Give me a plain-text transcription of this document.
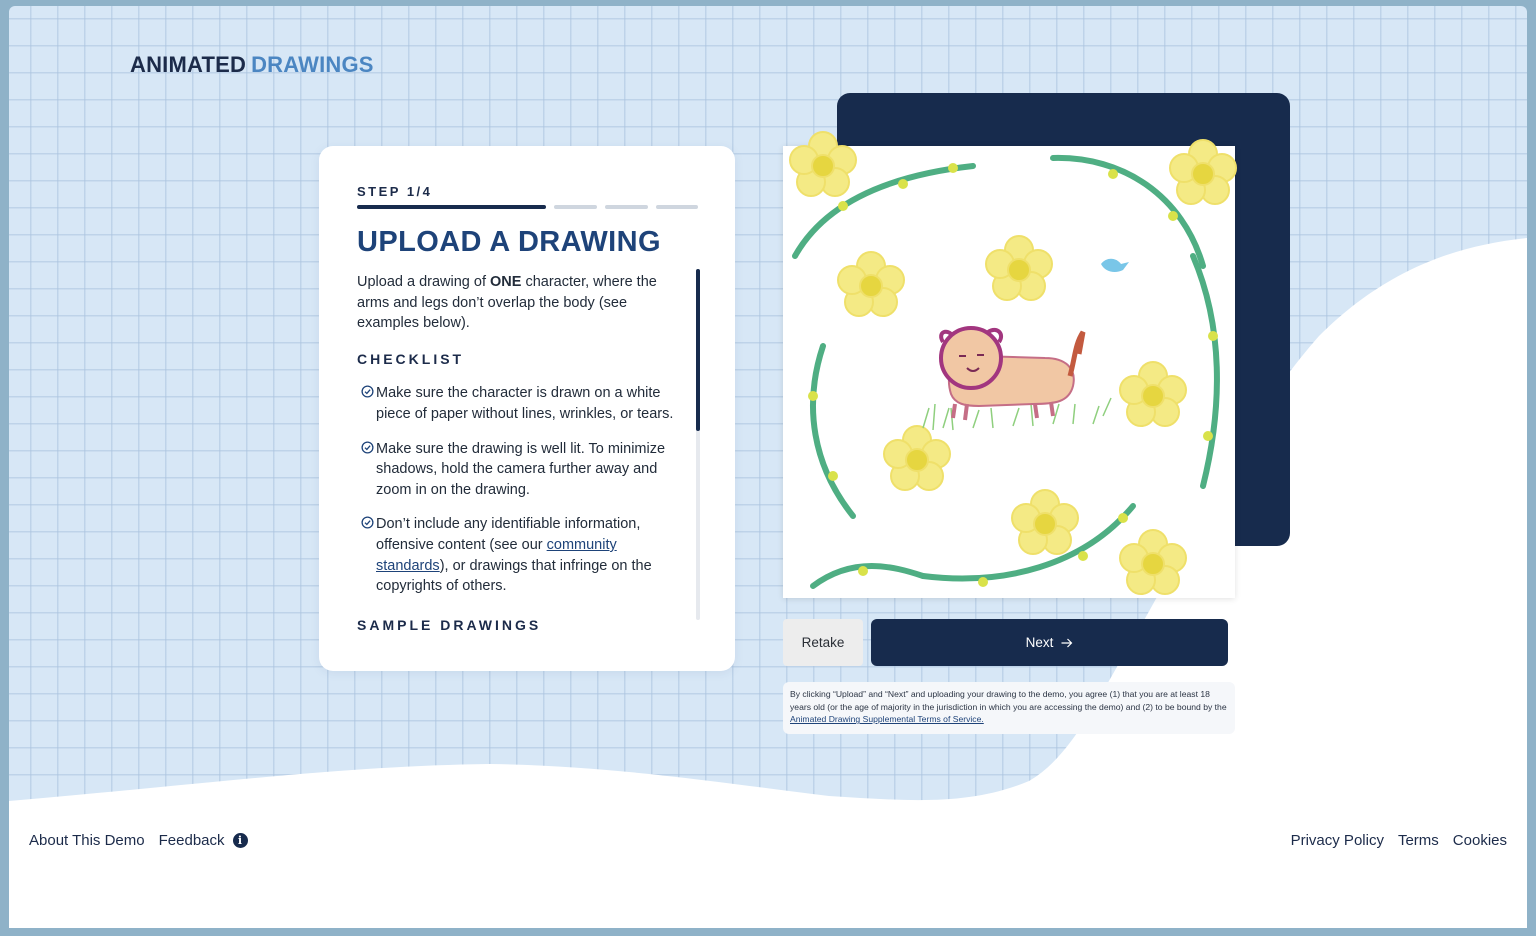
ANIMATED DRAWINGS
STEP 1/4
UPLOAD A DRAWING
Upload a drawing of ONE character, where the arms and legs don’t overlap the body (see examples below).
CHECKLIST
Make sure the character is drawn on a white piece of paper without lines, wrinkles, or tears.
Make sure the drawing is well lit. To minimize shadows, hold the camera further away and zoom in on the drawing.
Don’t include any identifiable information, offensive content (see our community standards), or drawings that infringe on the copyrights of others.
SAMPLE DRAWINGS
Retake	Next
By clicking “Upload” and “Next” and uploading your drawing to the demo, you agree (1) that you are at least 18 years old (or the age of majority in the jurisdiction in which you are accessing the demo) and (2) to be bound by the Animated Drawing Supplemental Terms of Service.
About This Demo Feedback	i	Privacy Policy Terms Cookies
